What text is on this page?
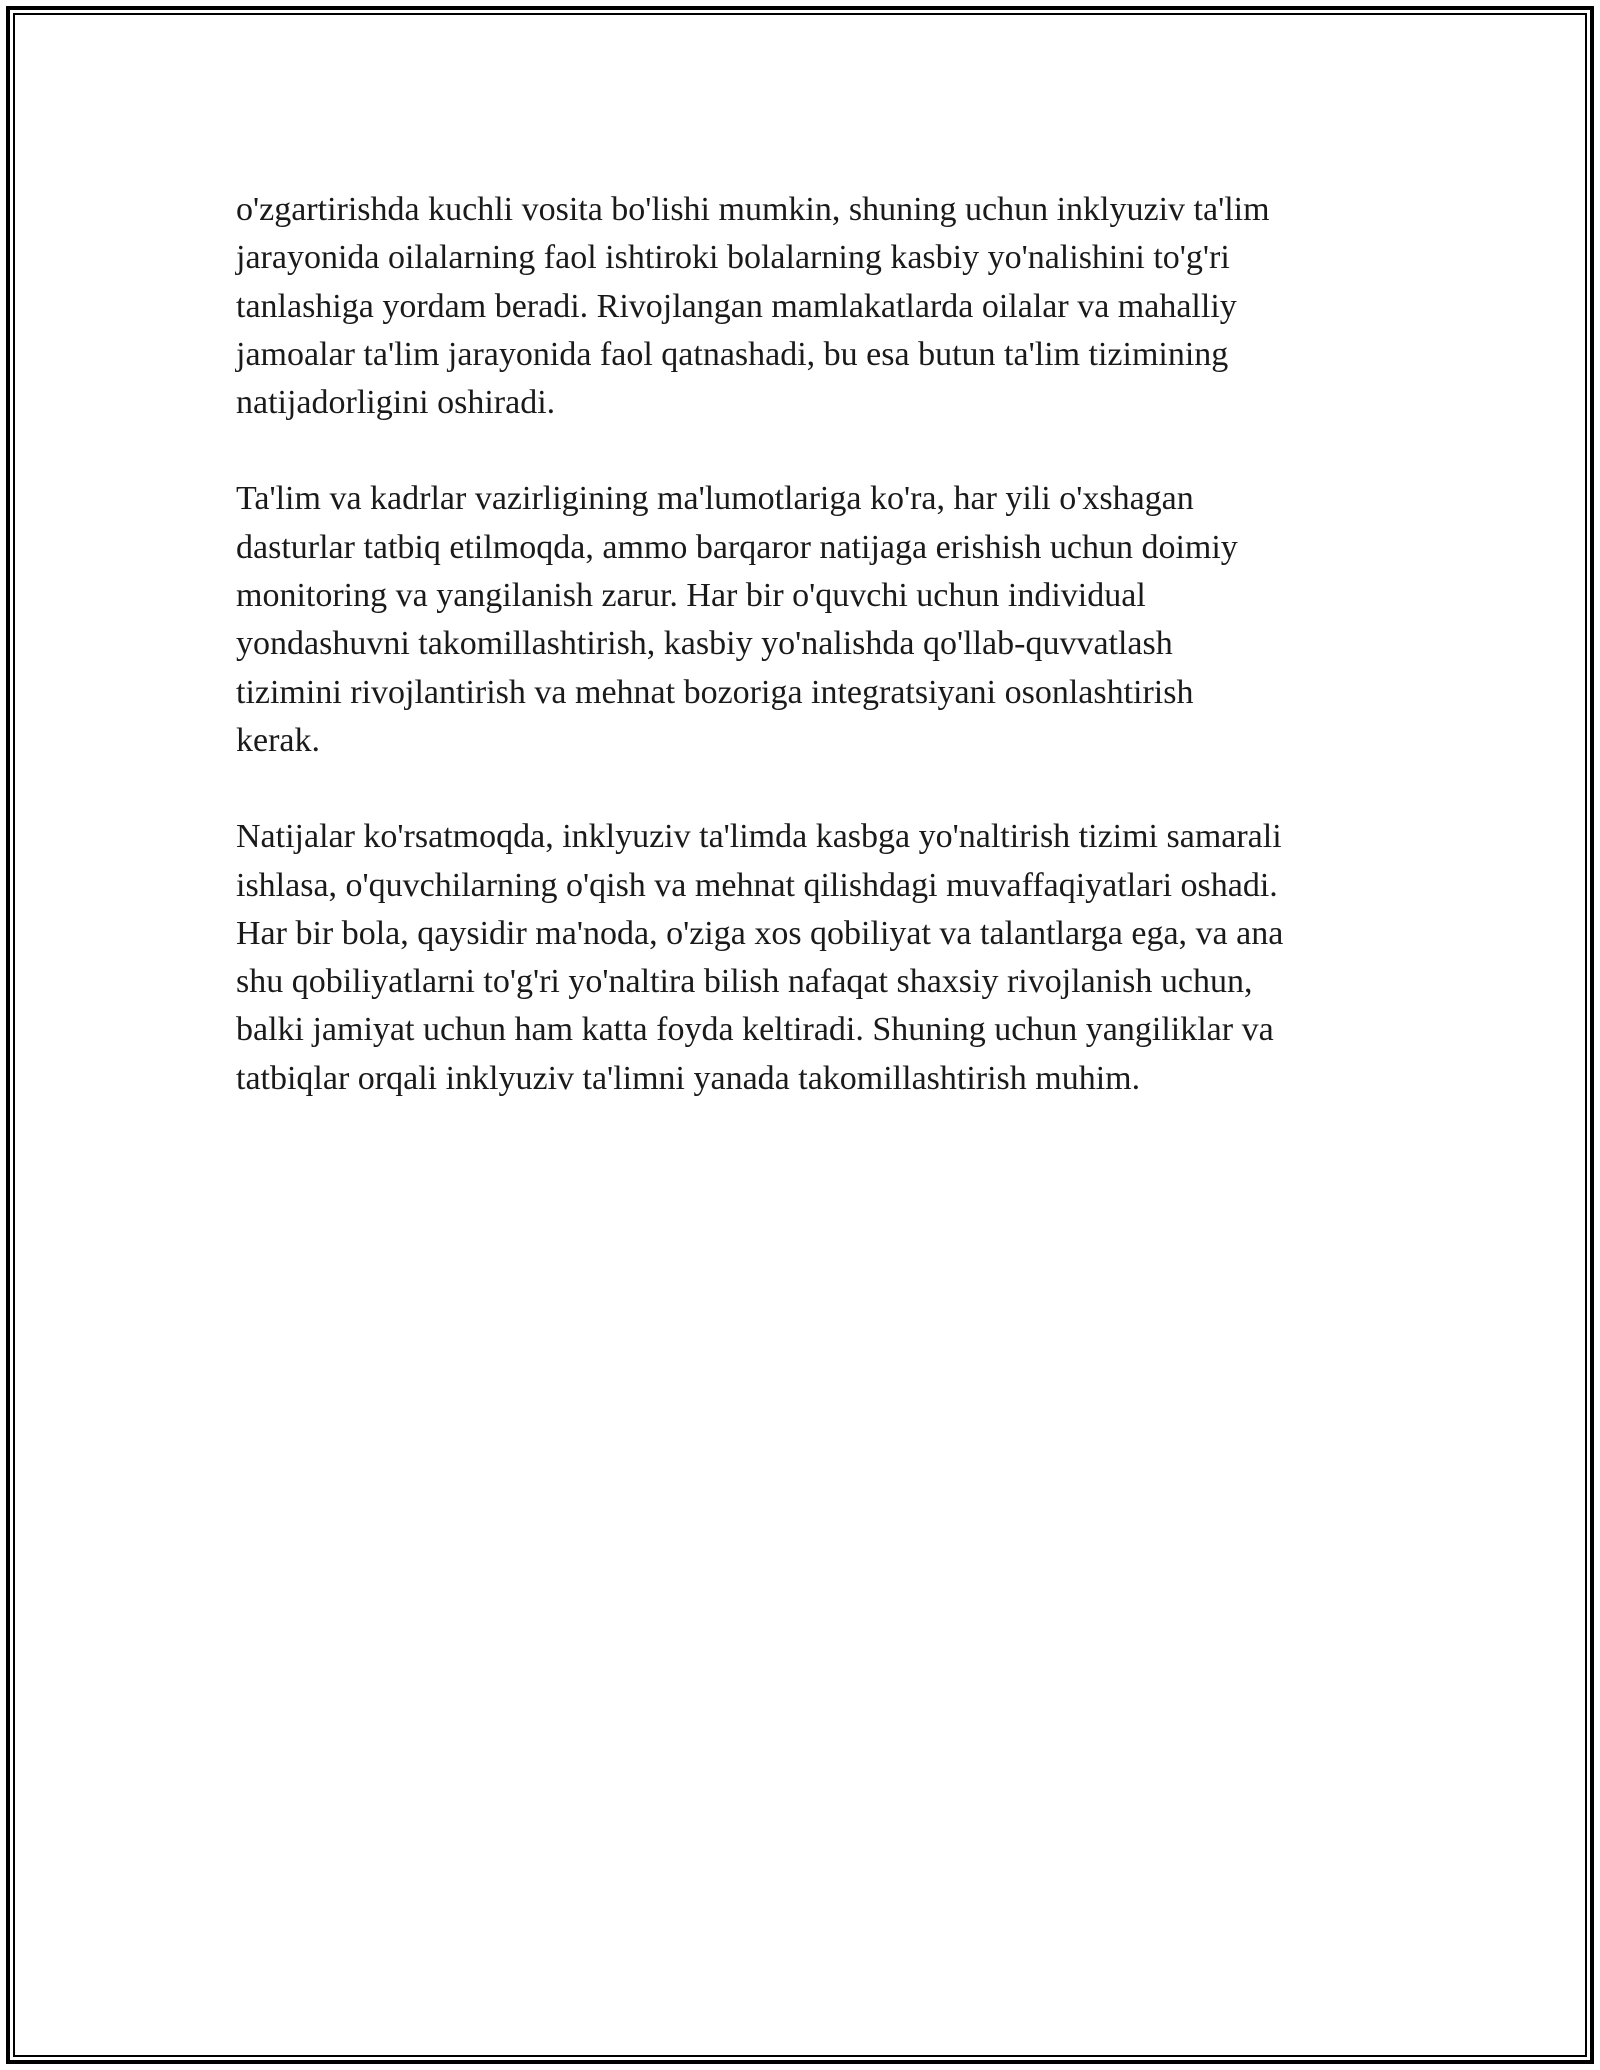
o'zgartirishda kuchli vosita bo'lishi mumkin, shuning uchun inklyuziv ta'lim
jarayonida oilalarning faol ishtiroki bolalarning kasbiy yo'nalishini to'g'ri
tanlashiga yordam beradi. Rivojlangan mamlakatlarda oilalar va mahalliy
jamoalar ta'lim jarayonida faol qatnashadi, bu esa butun ta'lim tizimining
natijadorligini oshiradi.

Ta'lim va kadrlar vazirligining ma'lumotlariga ko'ra, har yili o'xshagan
dasturlar tatbiq etilmoqda, ammo barqaror natijaga erishish uchun doimiy
monitoring va yangilanish zarur. Har bir o'quvchi uchun individual
yondashuvni takomillashtirish, kasbiy yo'nalishda qo'llab-quvvatlash
tizimini rivojlantirish va mehnat bozoriga integratsiyani osonlashtirish
kerak.

Natijalar ko'rsatmoqda, inklyuziv ta'limda kasbga yo'naltirish tizimi samarali
ishlasa, o'quvchilarning o'qish va mehnat qilishdagi muvaffaqiyatlari oshadi.
Har bir bola, qaysidir ma'noda, o'ziga xos qobiliyat va talantlarga ega, va ana
shu qobiliyatlarni to'g'ri yo'naltira bilish nafaqat shaxsiy rivojlanish uchun,
balki jamiyat uchun ham katta foyda keltiradi. Shuning uchun yangiliklar va
tatbiqlar orqali inklyuziv ta'limni yanada takomillashtirish muhim.
